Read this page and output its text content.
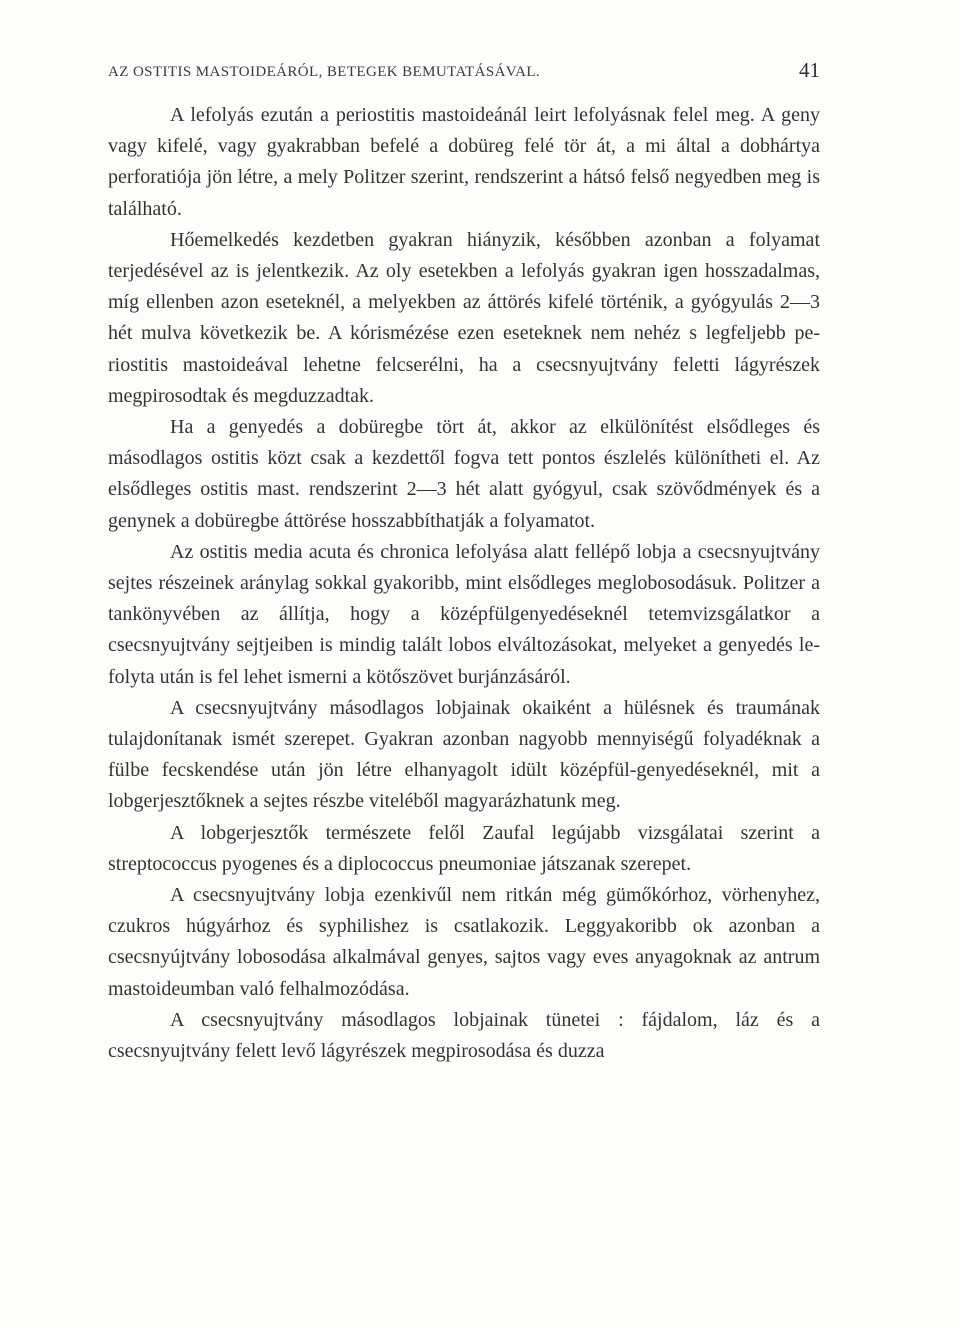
AZ OSTITIS MASTOIDEÁRÓL, BETEGEK BEMUTATÁSÁVAL.	41

A lefolyás ezután a periostitis mastoideánál leirt lefolyásnak felel meg. A geny vagy kifelé, vagy gyakrabban befelé a dobüreg felé tör át, a mi által a dobhártya perforatiója jön létre, a mely Politzer szerint, rendszerint a hátsó felső negyedben meg is található.

Hőemelkedés kezdetben gyakran hiányzik, későbben azonban a folyamat terjedésével az is jelentkezik. Az oly esetekben a lefolyás gyakran igen hosszadalmas, míg ellenben azon eseteknél, a melyekben az áttörés kifelé történik, a gyógyulás 2—3 hét mulva következik be. A kórismézése ezen eseteknek nem nehéz s legfeljebb periostitis mastoideával lehetne felcserélni, ha a csecsnyujtvány feletti lágyrészek megpirosodtak és megduzzadtak.

Ha a genyedés a dobüregbe tört át, akkor az elkülönítést elsődleges és másodlagos ostitis közt csak a kezdettől fogva tett pontos észlelés különítheti el. Az elsődleges ostitis mast. rendszerint 2—3 hét alatt gyógyul, csak szövődmények és a genynek a dobüregbe áttörése hosszabbíthatják a folyamatot.

Az ostitis media acuta és chronica lefolyása alatt fellépő lobja a csecsnyujtvány sejtes részeinek aránylag sokkal gyakoribb, mint elsődleges meglobosodásuk. Politzer a tankönyvében az állítja, hogy a középfülgenyedéseknél tetemvizsgálatkor a csecsnyujtvány sejtjeiben is mindig talált lobos elváltozásokat, melyeket a genyedés lefolyta után is fel lehet ismerni a kötőszövet burjánzásáról.

A csecsnyujtvány másodlagos lobjainak okaiként a hülésnek és traumának tulajdonítanak ismét szerepet. Gyakran azonban nagyobb mennyiségű folyadéknak a fülbe fecskendése után jön létre elhanyagolt idült középfül-genyedéseknél, mit a lobgerjesztőknek a sejtes részbe viteléből magyarázhatunk meg.

A lobgerjesztők természete felől Zaufal legújabb vizsgálatai szerint a streptococcus pyogenes és a diplococcus pneumoniae játszanak szerepet.

A csecsnyujtvány lobja ezenkivűl nem ritkán még gümőkórhoz, vörhenyhez, czukros húgyárhoz és syphilishez is csatlakozik. Leggyakoribb ok azonban a csecsnyújtvány lobosodása alkalmával genyes, sajtos vagy eves anyagoknak az antrum mastoideumban való felhalmozódása.

A csecsnyujtvány másodlagos lobjainak tünetei : fájdalom, láz és a csecsnyujtvány felett levő lágyrészek megpirosodása és duzza
